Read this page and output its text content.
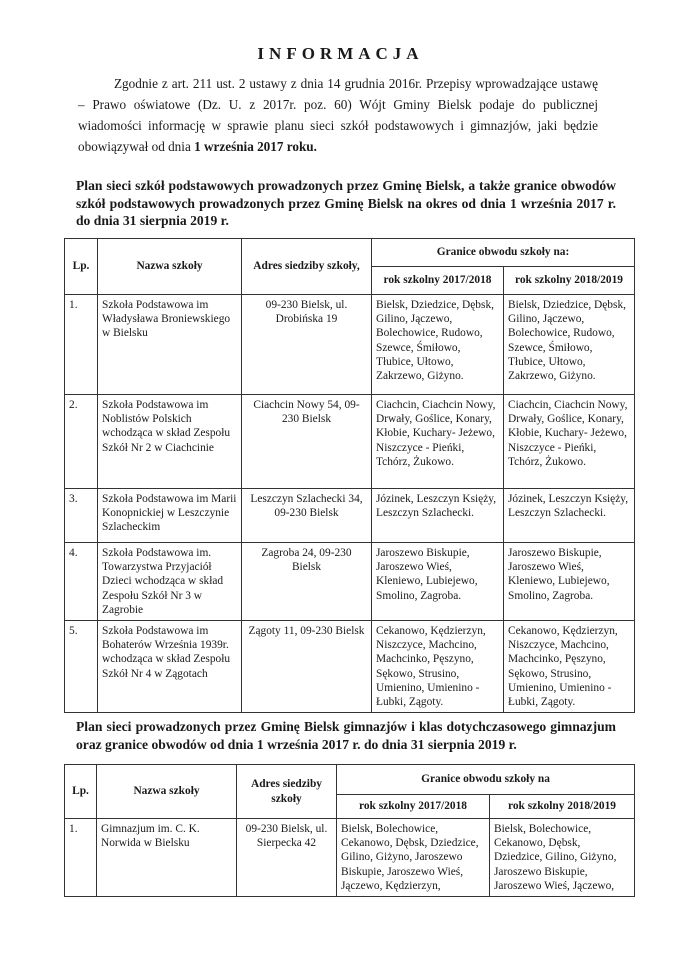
INFORMACJA

Zgodnie z art. 211 ust. 2 ustawy z dnia 14 grudnia 2016r. Przepisy wprowadzające ustawę – Prawo oświatowe (Dz. U. z 2017r. poz. 60) Wójt Gminy Bielsk podaje do publicznej wiadomości informację w sprawie planu sieci szkół podstawowych i gimnazjów, jaki będzie obowiązywał od dnia 1 września 2017 roku.

Plan sieci szkół podstawowych prowadzonych przez Gminę Bielsk, a także granice obwodów szkół podstawowych prowadzonych przez Gminę Bielsk na okres od dnia 1 września 2017 r. do dnia 31 sierpnia 2019 r.
Lp.	Nazwa szkoły	Adres siedziby szkoły,	Granice obwodu szkoły na:	
			rok szkolny 2017/2018	rok szkolny 2018/2019
1.	Szkoła Podstawowa im Władysława Broniewskiego w Bielsku	09-230 Bielsk, ul. Drobińska 19	Bielsk, Dziedzice, Dębsk, Gilino, Jączewo, Bolechowice, Rudowo, Szewce, Śmiłowo, Tłubice, Ułtowo, Zakrzewo, Giżyno.	Bielsk, Dziedzice, Dębsk, Gilino, Jączewo, Bolechowice, Rudowo, Szewce, Śmiłowo, Tłubice, Ułtowo, Zakrzewo, Giżyno.
2.	Szkoła Podstawowa im Noblistów Polskich wchodząca w skład Zespołu Szkół Nr 2 w Ciachcinie	Ciachcin Nowy 54, 09-230 Bielsk	Ciachcin, Ciachcin Nowy, Drwały, Goślice, Konary, Kłobie, Kuchary- Jeżewo, Niszczyce - Pieńki, Tchórz, Żukowo.	Ciachcin, Ciachcin Nowy, Drwały, Goślice, Konary, Kłobie, Kuchary- Jeżewo, Niszczyce - Pieńki, Tchórz, Żukowo.
3.	Szkoła Podstawowa im Marii Konopnickiej w Leszczynie Szlacheckim	Leszczyn Szlachecki 34, 09-230 Bielsk	Józinek, Leszczyn Księży, Leszczyn Szlachecki.	Józinek, Leszczyn Księży, Leszczyn Szlachecki.
4.	Szkoła Podstawowa im. Towarzystwa Przyjaciół Dzieci wchodząca w skład Zespołu Szkół Nr 3 w Zagrobie	Zagroba 24, 09-230 Bielsk	Jaroszewo Biskupie, Jaroszewo Wieś, Kleniewo, Lubiejewo, Smolino, Zagroba.	Jaroszewo Biskupie, Jaroszewo Wieś, Kleniewo, Lubiejewo, Smolino, Zagroba.
5.	Szkoła Podstawowa im Bohaterów Września 1939r. wchodząca w skład Zespołu Szkół Nr 4 w Zągotach	Zągoty 11, 09-230 Bielsk	Cekanowo, Kędzierzyn, Niszczyce, Machcino, Machcinko, Pęszyno, Sękowo, Strusino, Umienino, Umienino - Łubki, Zągoty.	Cekanowo, Kędzierzyn, Niszczyce, Machcino, Machcinko, Pęszyno, Sękowo, Strusino, Umienino, Umienino - Łubki, Zągoty.
Plan sieci prowadzonych przez Gminę Bielsk gimnazjów i klas dotychczasowego gimnazjum oraz granice obwodów od dnia 1 września 2017 r. do dnia 31 sierpnia 2019 r.
Lp.	Nazwa szkoły	Adres siedziby szkoły	Granice obwodu szkoły na	
			rok szkolny 2017/2018	rok szkolny 2018/2019
1.	Gimnazjum im. C. K. Norwida w Bielsku	09-230 Bielsk, ul. Sierpecka 42	Bielsk, Bolechowice, Cekanowo, Dębsk, Dziedzice, Gilino, Giżyno, Jaroszewo Biskupie, Jaroszewo Wieś, Jączewo, Kędzierzyn,	Bielsk, Bolechowice, Cekanowo, Dębsk, Dziedzice, Gilino, Giżyno, Jaroszewo Biskupie, Jaroszewo Wieś, Jączewo,
